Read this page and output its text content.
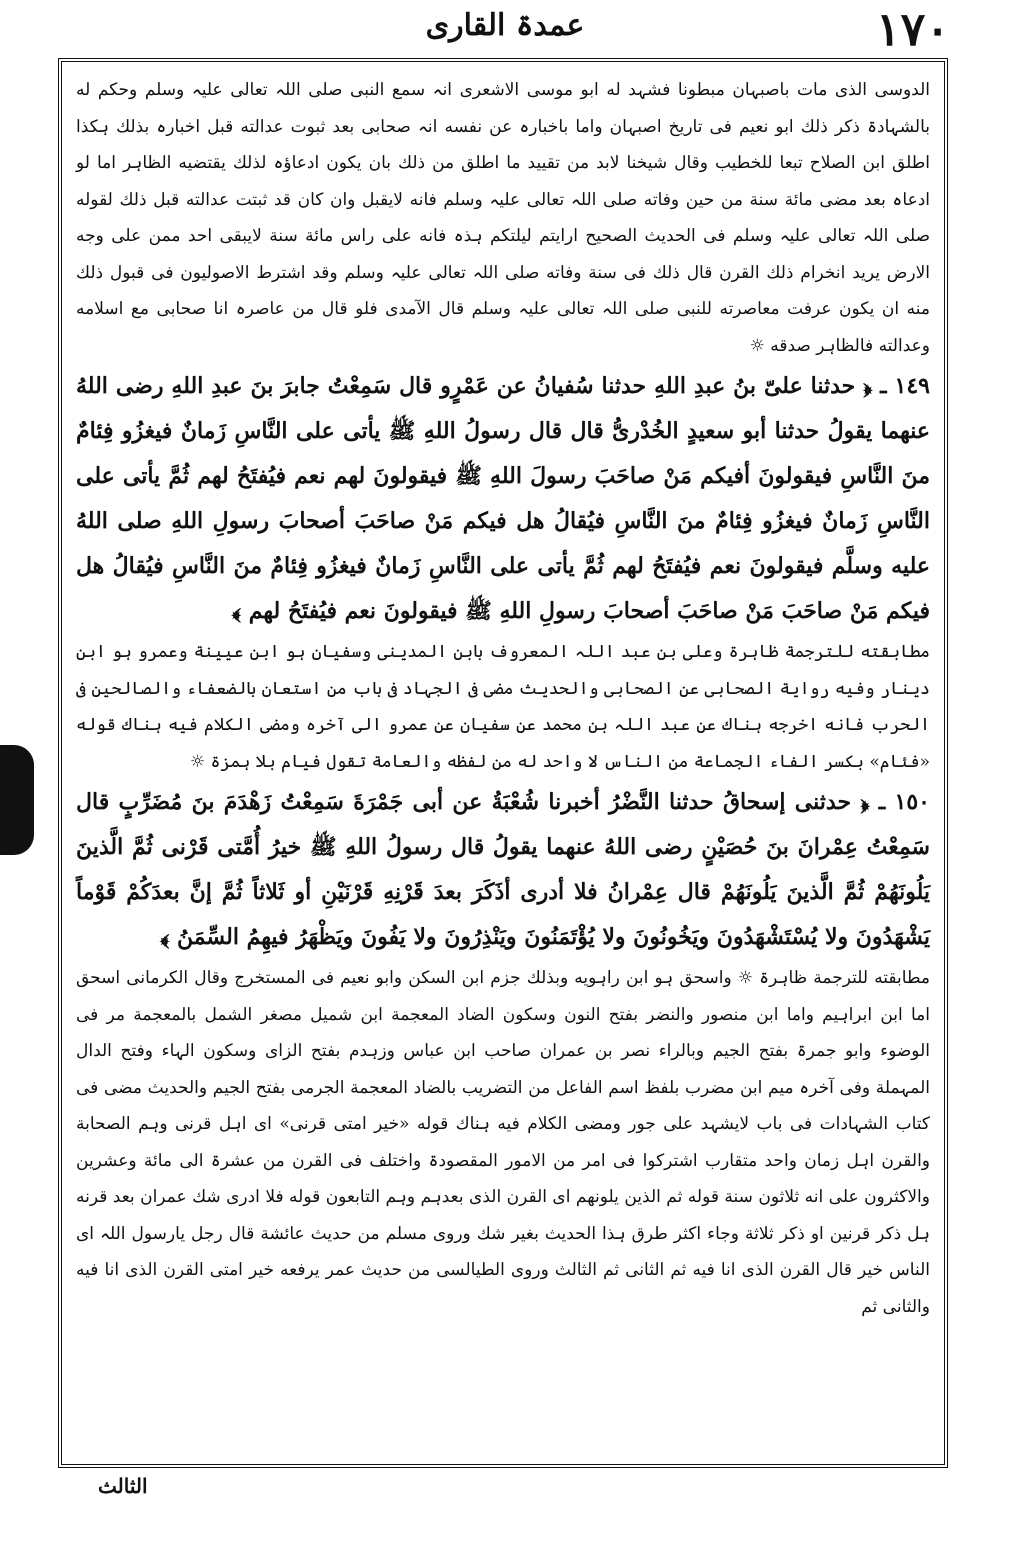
١٧٠
عمدۃ القاری
الدوسی الذی مات باصبہان مبطونا فشہد له ابو موسی الاشعری انہ سمع النبی صلی اللہ تعالی علیہ وسلم وحکم له بالشہادۃ ذکر ذلك ابو نعیم فی تاریخ اصبہان واما باخبارہ عن نفسه انہ صحابی بعد ثبوت عدالته قبل اخبارہ بذلك ہکذا اطلق ابن الصلاح تبعا للخطیب وقال شیخنا لابد من تقیید ما اطلق من ذلك بان یکون ادعاؤہ لذلك یقتضیه الظاہر اما لو ادعاہ بعد مضی مائة سنة من حین وفاته صلی اللہ تعالی علیہ وسلم فانه لایقبل وان کان قد ثبتت عدالته قبل ذلك لقوله صلی اللہ تعالی علیہ وسلم فی الحدیث الصحیح ارایتم لیلتکم ہذہ فانه علی راس مائة سنة لایبقی احد ممن علی وجه الارض یرید انخرام ذلك القرن قال ذلك فی سنة وفاته صلی اللہ تعالی علیہ وسلم وقد اشترط الاصولیون فی قبول ذلك منه ان یکون عرفت معاصرته للنبی صلی اللہ تعالی علیہ وسلم قال الآمدی فلو قال من عاصرہ انا صحابی مع اسلامه وعدالته فالظاہر صدقه ☼
١٤٩ ـ ﴿ حدثنا علیّ بنُ عبدِ اللهِ حدثنا سُفیانُ عن عَمْرٍو قال سَمِعْتُ جابرَ بنَ عبدِ اللهِ رضی اللهُ عنهما یقولُ حدثنا أبو سعیدٍ الخُدْریُّ قال قال رسولُ اللهِ ﷺ یأتی علی النَّاسِ زَمانٌ فیغزُو فِئامٌ منَ النَّاسِ فیقولونَ أفیکم مَنْ صاحَبَ رسولَ اللهِ ﷺ فیقولونَ لهم نعم فیُفتَحُ لهم ثُمَّ یأتی علی النَّاسِ زَمانٌ فیغزُو فِئامٌ منَ النَّاسِ فیُقالُ هل فیکم مَنْ صاحَبَ أصحابَ رسولِ اللهِ صلی اللهُ علیه وسلَّم فیقولونَ نعم فیُفتَحُ لهم ثُمَّ یأتی علی النَّاسِ زَمانٌ فیغزُو فِئامٌ منَ النَّاسِ فیُقالُ هل فیکم مَنْ صاحَبَ مَنْ صاحَبَ أصحابَ رسولِ اللهِ ﷺ فیقولونَ نعم فیُفتَحُ لهم ﴾
مطابقته للترجمة ظاہرۃ وعلی بن عبد اللہ المعروف بابن المدینی وسفیان ہو ابن عیینة وعمرو ہو ابن دینار وفیه روایة الصحابی عن الصحابی والحدیث مضی فی الجہاد فی باب من استعان بالضعفاء والصالحین فی الحرب فانه اخرجه ہناك عن عبد اللہ بن محمد عن سفیان عن عمرو الی آخرہ ومضی الکلام فیه ہناك قوله «فئام» بکسر الفاء الجماعة من الناس لا واحد له من لفظه والعامة تقول فیام بلا ہمزۃ ☼
١٥٠ ـ ﴿ حدثنی إسحاقُ حدثنا النَّضْرُ أخبرنا شُعْبَةُ عن أبی جَمْرَةَ سَمِعْتُ زَهْدَمَ بنَ مُضَرِّبٍ قال سَمِعْتُ عِمْرانَ بنَ حُصَیْنٍ رضی اللهُ عنهما یقولُ قال رسولُ اللهِ ﷺ خیرُ أُمَّتی قَرْنی ثُمَّ الَّذینَ یَلُونَهُمْ ثُمَّ الَّذینَ یَلُونَهُمْ قال عِمْرانُ فلا أدری أذَکَرَ بعدَ قَرْنِهِ قَرْنَیْنِ أو ثَلاثاً ثُمَّ إنَّ بعدَکُمْ قَوْماً یَشْهَدُونَ ولا یُسْتَشْهَدُونَ ویَخُونُونَ ولا یُؤْتَمَنُونَ ویَنْذِرُونَ ولا یَفُونَ ویَظْهَرُ فیهِمُ السِّمَنُ ﴾
مطابقته للترجمة ظاہرۃ ☼ واسحق ہو ابن راہویه وبذلك جزم ابن السکن وابو نعیم فی المستخرج وقال الکرمانی اسحق اما ابن ابراہیم واما ابن منصور والنضر بفتح النون وسکون الضاد المعجمة ابن شمیل مصغر الشمل بالمعجمة مر فی الوضوء وابو جمرۃ بفتح الجیم وبالراء نصر بن عمران صاحب ابن عباس وزہدم بفتح الزای وسکون الہاء وفتح الدال المہملة وفی آخرہ میم ابن مضرب بلفظ اسم الفاعل من التضریب بالضاد المعجمة الجرمی بفتح الجیم والحدیث مضی فی کتاب الشہادات فی باب لایشہد علی جور ومضی الکلام فیه ہناك قوله «خیر امتی قرنی» ای اہل قرنی وہم الصحابة والقرن اہل زمان واحد متقارب اشترکوا فی امر من الامور المقصودۃ واختلف فی القرن من عشرۃ الی مائة وعشرین والاکثرون علی انه ثلاثون سنة قوله ثم الذین یلونهم ای القرن الذی بعدہم وہم التابعون قوله فلا ادری شك عمران بعد قرنه ہل ذکر قرنین او ذکر ثلاثة وجاء اکثر طرق ہذا الحدیث بغیر شك وروی مسلم من حدیث عائشة قال رجل یارسول اللہ ای الناس خیر قال القرن الذی انا فیه ثم الثانی ثم الثالث وروی الطیالسی من حدیث عمر یرفعه خیر امتی القرن الذی انا فیه والثانی ثم
الثالث
